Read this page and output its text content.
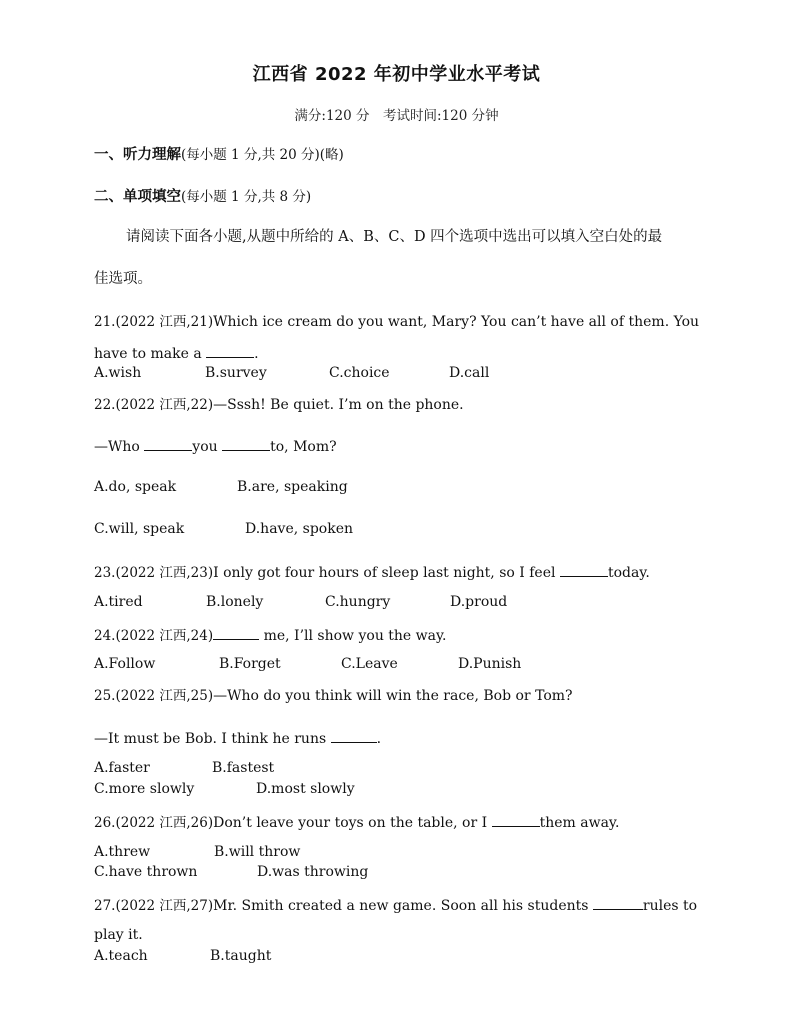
江西省 2022 年初中学业水平考试
满分:120 分　考试时间:120 分钟
一、听力理解(每小题 1 分,共 20 分)(略)
二、单项填空(每小题 1 分,共 8 分)
请阅读下面各小题,从题中所给的 A、B、C、D 四个选项中选出可以填入空白处的最
佳选项。
21.(2022 江西,21)Which ice cream do you want, Mary? You can’t have all of them. You
have to make a	.
A.wish	B.survey	C.choice	D.call
22.(2022 江西,22)—Sssh! Be quiet. I’m on the phone.
—Who	you	to, Mom?
A.do, speak	B.are, speaking
C.will, speak	D.have, spoken
23.(2022 江西,23)I only got four hours of sleep last night, so I feel	today.
A.tired	B.lonely	C.hungry	D.proud
24.(2022 江西,24)	me, I’ll show you the way.
A.Follow	B.Forget	C.Leave	D.Punish
25.(2022 江西,25)—Who do you think will win the race, Bob or Tom?
—It must be Bob. I think he runs	.
A.faster	B.fastest
C.more slowly	D.most slowly
26.(2022 江西,26)Don’t leave your toys on the table, or I	them away.
A.threw	B.will throw
C.have thrown	D.was throwing
27.(2022 江西,27)Mr. Smith created a new game. Soon all his students	rules to
play it.
A.teach	B.taught
